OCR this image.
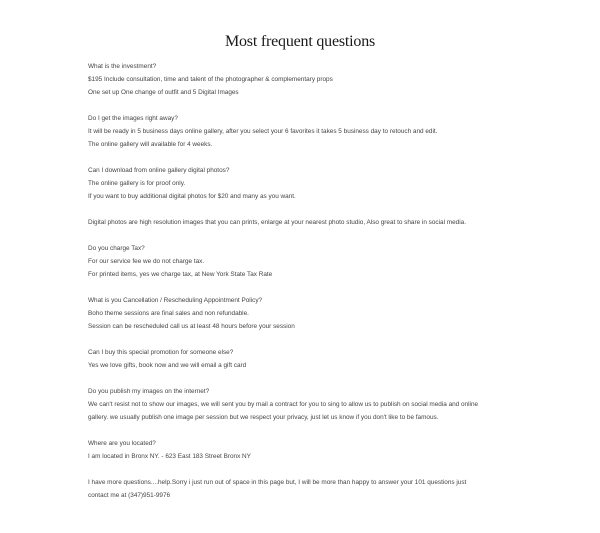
Most frequent questions

What is the investment?

$195 Include consultation, time and talent of the photographer & complementary props

One set up One change of outfit and 5 Digital Images

Do I get the images right away?

It will be ready in 5 business days online gallery, after you select your 6 favorites it takes 5 business day to retouch and edit.

The online gallery will available for 4 weeks.

Can I download from online gallery digital photos?

The online gallery is for proof only.

If you want to buy additional digital photos for $20 and many as you want.

Digital photos are high resolution images that you can prints, enlarge at your nearest photo studio, Also great to share in social media.

Do you charge Tax?

For our service fee we do not charge tax.

For printed items, yes we charge tax, at New York State Tax Rate

What is you Cancellation / Rescheduling Appointment Policy?

Boho theme sessions are final sales and non refundable.

Session can be rescheduled call us at least 48 hours before your session

Can I buy this special promotion for someone else?

Yes we love gifts, book now and we will email a gift card

Do you publish my images on the internet?

We can't resist not to show our images, we will sent you by mail a contract for you to sing to allow us to publish on social media and online

gallery. we usually publish one image per session but we respect your privacy, just let us know if you don't like to be famous.

Where are you located?

I am located in Bronx NY. - 623 East 183 Street Bronx NY

I have more questions....help.Sorry i just run out of space in this page but, I will be more than happy to answer your 101 questions just

contact me at (347)951-9976
